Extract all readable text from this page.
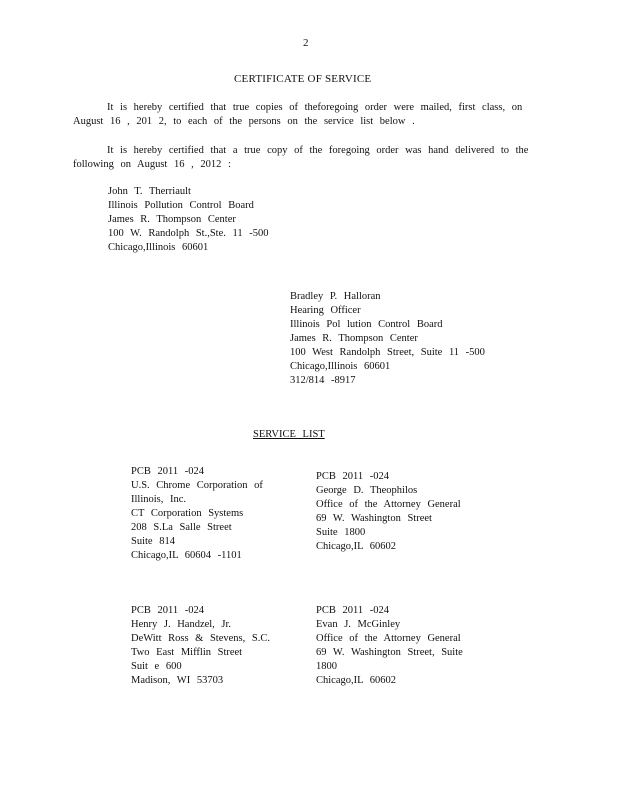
2
CERTIFICATE OF SERVICE
It is hereby certified that true copies of theforegoing order were mailed, first class, on
August 16 , 201 2, to each of the persons on the service list below .
It is hereby certified that a true copy of the foregoing order was hand delivered to the
following on August 16 , 2012 :
John T. Therriault
Illinois Pollution Control Board
James R. Thompson Center
100 W. Randolph St.,Ste. 11 -500
Chicago,Illinois 60601
Bradley P. Halloran
Hearing Officer
Illinois Pol lution Control Board
James R. Thompson Center
100 West Randolph Street, Suite 11 -500
Chicago,Illinois 60601
312/814 -8917
SERVICE LIST
PCB 2011 -024
U.S. Chrome Corporation of
Illinois, Inc.
CT Corporation Systems
208 S.La Salle Street
Suite 814
Chicago,IL 60604 -1101
PCB 2011 -024
George D. Theophilos
Office of the Attorney General
69 W. Washington Street
Suite 1800
Chicago,IL 60602
PCB 2011 -024
Henry J. Handzel, Jr.
DeWitt Ross & Stevens, S.C.
Two East Mifflin Street
Suit e 600
Madison, WI 53703
PCB 2011 -024
Evan J. McGinley
Office of the Attorney General
69 W. Washington Street, Suite
1800
Chicago,IL 60602
